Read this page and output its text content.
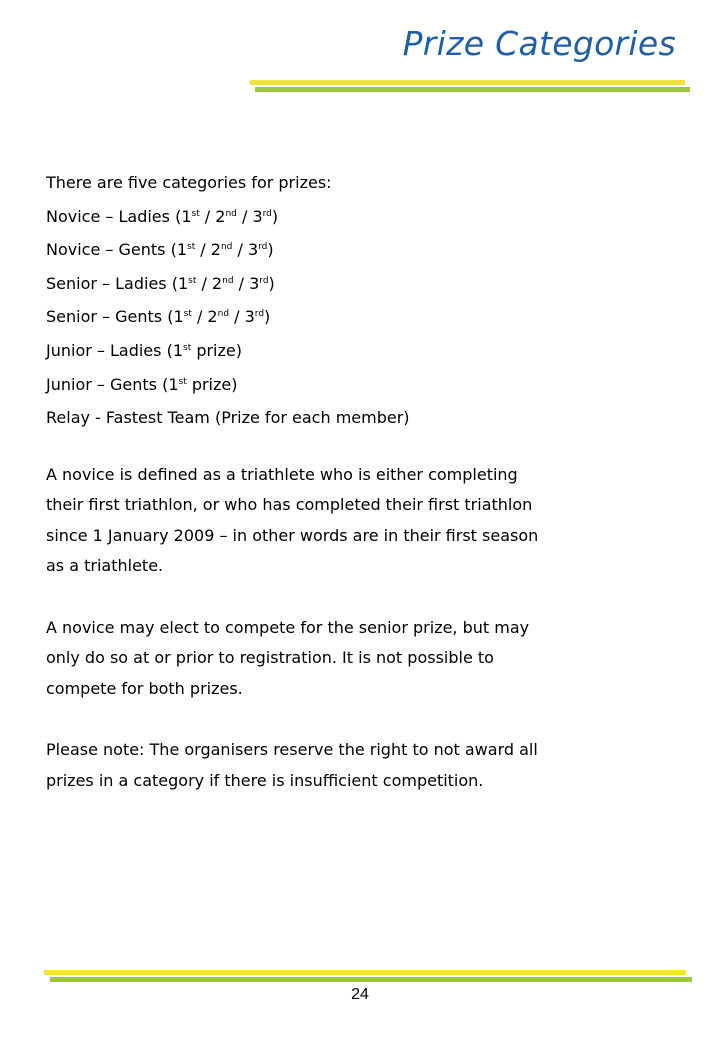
Prize Categories
There are five categories for prizes:
Novice – Ladies (1st / 2nd / 3rd)
Novice – Gents (1st / 2nd / 3rd)
Senior – Ladies (1st / 2nd / 3rd)
Senior – Gents (1st / 2nd / 3rd)
Junior – Ladies (1st prize)
Junior – Gents (1st prize)
Relay - Fastest Team (Prize for each member)

A novice is defined as a triathlete who is either completing
their first triathlon, or who has completed their first triathlon
since 1 January 2009 – in other words are in their first season
as a triathlete.

A novice may elect to compete for the senior prize, but may
only do so at or prior to registration. It is not possible to
compete for both prizes.

Please note: The organisers reserve the right to not award all
prizes in a category if there is insufficient competition.

24
